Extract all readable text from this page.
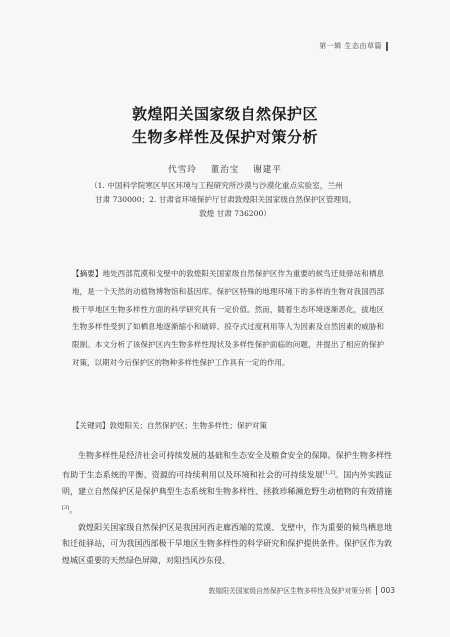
第一辑 生态由草篇
敦煌阳关国家级自然保护区
生物多样性及保护对策分析
代雪玲 董治宝 谢建平
（1. 中国科学院寒区旱区环境与工程研究所沙漠与沙漠化重点实验室，兰州
甘肃 730000；2. 甘肃省环境保护厅甘肃敦煌阳关国家级自然保护区管理局，
敦煌 甘肃 736200）
【摘要】地处西部荒漠和戈壁中的敦煌阳关国家级自然保护区作为重要的候鸟迁徙驿站和栖息地，是一个天然的动植物博物馆和基因库。保护区特殊的地理环境下的多样的生物对我国西部极干旱地区生物多样性方面的科学研究具有一定价值。然而，随着生态环境逐渐恶化，拔地区生物多样性受到了如栖息地逐渐缩小和破碎、掠夺式过度利用等人为因素及自然因素的威胁和限制。本文分析了该保护区内生物多样性现状及多样性保护面临的问题，并提出了相应的保护对策，以期对今后保护区的物种多样性保护工作具有一定的作用。
【关键词】敦煌阳关；自然保护区；生物多样性；保护对策

生物多样性是经济社会可持续发展的基础和生态安全及粮食安全的保障。保护生物多样性有助于生态系统的平衡、资源的可持续利用以及环境和社会的可持续发展[1,2]。国内外实践证明，建立自然保护区是保护典型生态系统和生物多样性、拯救珍稀濒危野生动植物的有效措施[3]。

敦煌阳关国家级自然保护区是我国河西走廊西端的荒漠、戈壁中，作为重要的候鸟栖息地和迁徙驿站，可为我国西部极干旱地区生物多样性的科学研究和保护提供条件。保护区作为敦煌城区重要的天然绿色屏障，对阻挡风沙东侵、

敦煌阳关国家级自然保护区生物多样性及保护对策分析 003
